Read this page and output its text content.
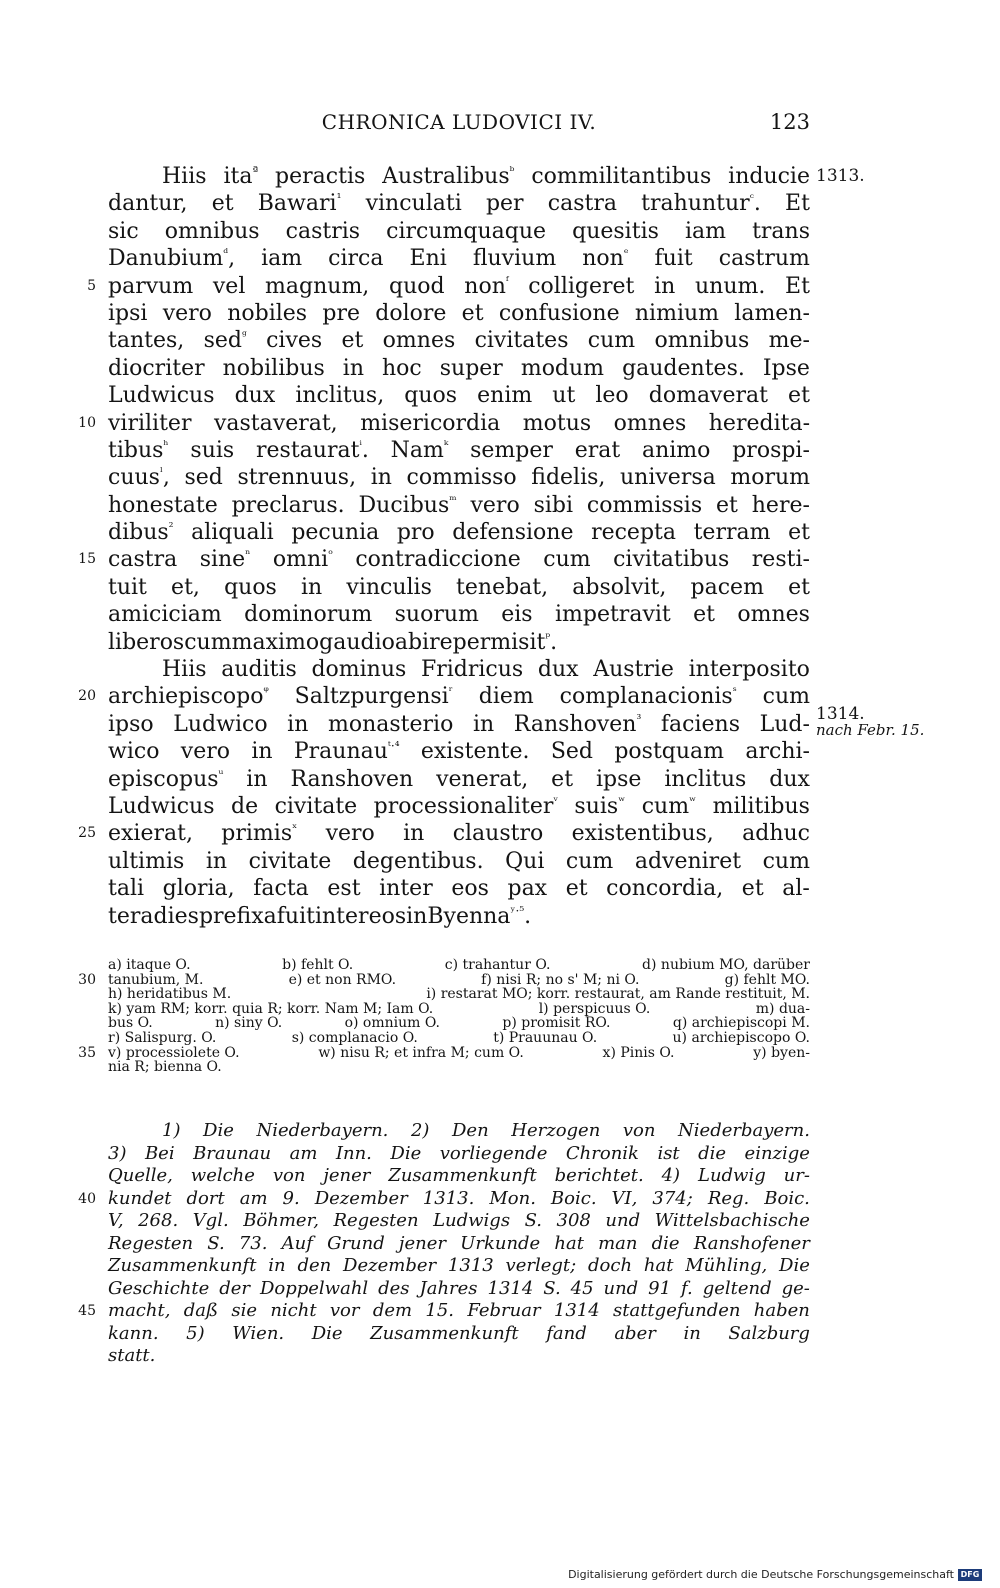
CHRONICA LUDOVICI IV.	123
Hiis ita$^ª$ peractis Australibus$^ᵇ$ commilitantibus inducie 1313.
dantur, et Bawari$^{^1}$ vinculati per castra trahuntur$^ᶜ$. Et
sic omnibus castris circumquaque quesitis iam trans
Danubium$^ᵈ$, iam circa Eni fluvium non$^ᵉ$ fuit castrum
parvum vel magnum, quod non$^ᶠ$ colligeret in unum. Et
5
ipsi vero nobiles pre dolore et confusione nimium lamen-
tantes, sed$^ᵍ$ cives et omnes civitates cum omnibus me-
diocriter nobilibus in hoc super modum gaudentes. Ipse
Ludwicus dux inclitus, quos enim ut leo domaverat et
viriliter vastaverat, misericordia motus omnes heredita-
10
tibus$^ʰ$ suis restaurat$^{^i}$. Nam$^ᵏ$ semper erat animo prospi-
cuus$^ˡ$, sed strennuus, in commisso fidelis, universa morum
honestate preclarus. Ducibus$^ᵐ$ vero sibi commissis et here-
dibus$^{^2}$ aliquali pecunia pro defensione recepta terram et
castra sine$^{^n}$ omni$^ᵒ$ contradiccione cum civitatibus resti-
15
tuit et, quos in vinculis tenebat, absolvit, pacem et
amiciciam dominorum suorum eis impetravit et omnes
liberos cum maximo gaudio abire permisit$^ᵖ$.
Hiis auditis dominus Fridricus dux Austrie interposito
archiepiscopo$^ᵠ$ Saltzpurgensi$^ʳ$ diem complanacionis$^ˢ$ cum
20
ipso Ludwico in monasterio in Ranshoven$^{^3}$ faciens Lud- 1314.
nach Febr. 15.
wico vero in Praunau$^{ᵗ\cdot^4}$ existente. Sed postquam archi-
episcopus$^ᵘ$ in Ranshoven venerat, et ipse inclitus dux
Ludwicus de civitate processionaliter$^ᵛ$ suis$^ʷ$ cum$^ʷ$ militibus
exierat, primis$^ˣ$ vero in claustro existentibus, adhuc
25
ultimis in civitate degentibus. Qui cum adveniret cum
tali gloria, facta est inter eos pax et concordia, et al-
tera dies prefixa fuit inter eos in Byenna$^{ʸ\cdot^5}$.
a) itaque O.	b) fehlt O.	c) trahantur O.	d) nubium MO, darüber
tanubium, M.	e) et non RMO.	f) nisi R; no s' M; ni O.	g) fehlt MO.
30
h) heridatibus M.	i) restarat MO; korr. restaurat, am Rande restituit, M.
k) yam RM; korr. quia R; korr. Nam M; Iam O.	l) perspicuus O.	m) dua-
bus O.	n) siny O.	o) omnium O.	p) promisit RO.	q) archiepiscopi M.
r) Salispurg. O.	s) complanacio O.	t) Prauunau O.	u) archiepiscopo O.
v) processiolete O.	w) nisu R; et infra M; cum O.	x) Pinis O.	y) byen-
35
nia R; bienna O.
1) Die Niederbayern. 2) Den Herzogen von Niederbayern.
3) Bei Braunau am Inn. Die vorliegende Chronik ist die einzige
Quelle, welche von jener Zusammenkunft berichtet. 4) Ludwig ur-
kundet dort am 9. Dezember 1313. Mon. Boic. VI, 374; Reg. Boic.
40
V, 268. Vgl. Böhmer, Regesten Ludwigs S. 308 und Wittelsbachische
Regesten S. 73. Auf Grund jener Urkunde hat man die Ranshofener
Zusammenkunft in den Dezember 1313 verlegt; doch hat Mühling, Die
Geschichte der Doppelwahl des Jahres 1314 S. 45 und 91 f. geltend ge-
macht, daß sie nicht vor dem 15. Februar 1314 stattgefunden haben
45
kann. 5) Wien. Die Zusammenkunft fand aber in Salzburg
statt.
Digitalisierung gefördert durch die Deutsche Forschungsgemeinschaft DFG
